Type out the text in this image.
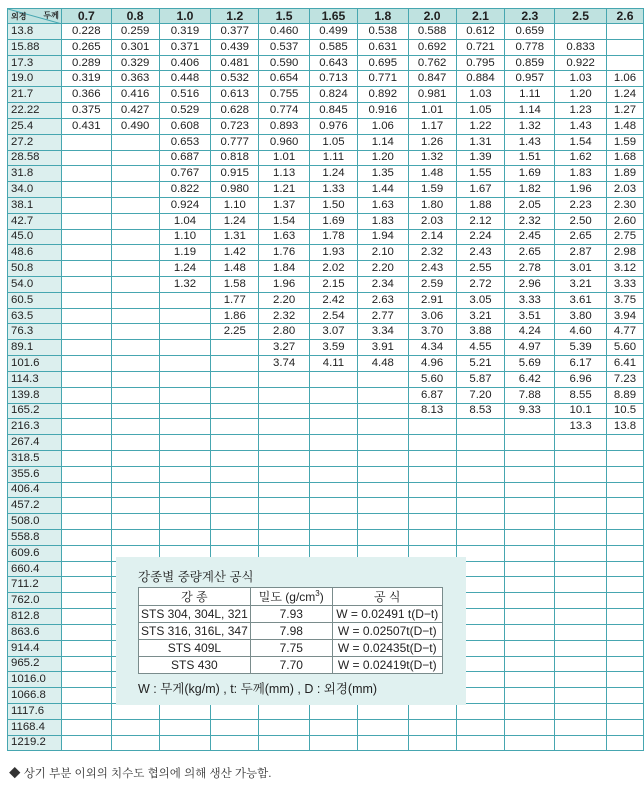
외경 두께	0.7	0.8	1.0	1.2	1.5	1.65	1.8	2.0	2.1	2.3	2.5	2.6
13.8	0.228	0.259	0.319	0.377	0.460	0.499	0.538	0.588	0.612	0.659		
15.88	0.265	0.301	0.371	0.439	0.537	0.585	0.631	0.692	0.721	0.778	0.833	
17.3	0.289	0.329	0.406	0.481	0.590	0.643	0.695	0.762	0.795	0.859	0.922	
19.0	0.319	0.363	0.448	0.532	0.654	0.713	0.771	0.847	0.884	0.957	1.03	1.06
21.7	0.366	0.416	0.516	0.613	0.755	0.824	0.892	0.981	1.03	1.11	1.20	1.24
22.22	0.375	0.427	0.529	0.628	0.774	0.845	0.916	1.01	1.05	1.14	1.23	1.27
25.4	0.431	0.490	0.608	0.723	0.893	0.976	1.06	1.17	1.22	1.32	1.43	1.48
27.2			0.653	0.777	0.960	1.05	1.14	1.26	1.31	1.43	1.54	1.59
28.58			0.687	0.818	1.01	1.11	1.20	1.32	1.39	1.51	1.62	1.68
31.8			0.767	0.915	1.13	1.24	1.35	1.48	1.55	1.69	1.83	1.89
34.0			0.822	0.980	1.21	1.33	1.44	1.59	1.67	1.82	1.96	2.03
38.1			0.924	1.10	1.37	1.50	1.63	1.80	1.88	2.05	2.23	2.30
42.7			1.04	1.24	1.54	1.69	1.83	2.03	2.12	2.32	2.50	2.60
45.0			1.10	1.31	1.63	1.78	1.94	2.14	2.24	2.45	2.65	2.75
48.6			1.19	1.42	1.76	1.93	2.10	2.32	2.43	2.65	2.87	2.98
50.8			1.24	1.48	1.84	2.02	2.20	2.43	2.55	2.78	3.01	3.12
54.0			1.32	1.58	1.96	2.15	2.34	2.59	2.72	2.96	3.21	3.33
60.5				1.77	2.20	2.42	2.63	2.91	3.05	3.33	3.61	3.75
63.5				1.86	2.32	2.54	2.77	3.06	3.21	3.51	3.80	3.94
76.3				2.25	2.80	3.07	3.34	3.70	3.88	4.24	4.60	4.77
89.1					3.27	3.59	3.91	4.34	4.55	4.97	5.39	5.60
101.6					3.74	4.11	4.48	4.96	5.21	5.69	6.17	6.41
114.3								5.60	5.87	6.42	6.96	7.23
139.8								6.87	7.20	7.88	8.55	8.89
165.2								8.13	8.53	9.33	10.1	10.5
216.3											13.3	13.8
267.4												
318.5												
355.6												
406.4												
457.2												
508.0												
558.8												
609.6												
660.4												
711.2												
762.0												
812.8												
863.6												
914.4												
965.2												
1016.0												
1066.8												
1117.6												
1168.4												
1219.2												
강종별 중량계산 공식
강 종	밀도 $(g/cm^3)$	공 식
STS 304, 304L, 321	7.93	W = 0.02491 t(D−t)
STS 316, 316L, 347	7.98	W = 0.02507t(D−t)
STS 409L	7.75	W = 0.02435t(D−t)
STS 430	7.70	W = 0.02419t(D−t)
W : 무게(kg/m) , t: 두께(mm) , D : 외경(mm)
◆ 상기 부분 이외의 치수도 협의에 의해 생산 가능함.
